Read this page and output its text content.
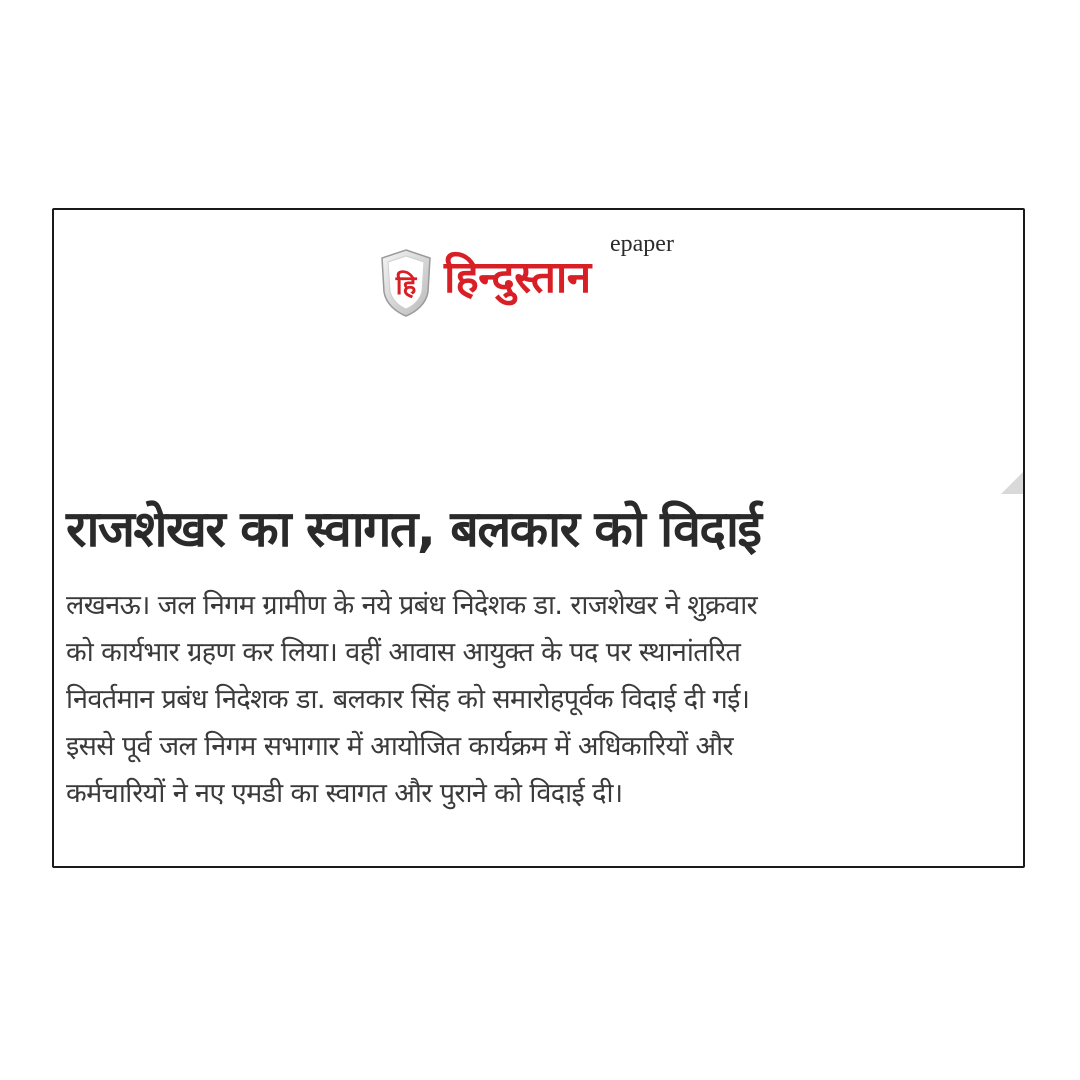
हि हिन्दुस्तान
epaper
राजशेखर का स्वागत, बलकार को विदाई

लखनऊ। जल निगम ग्रामीण के नये प्रबंध निदेशक डा. राजशेखर ने शुक्रवार
को कार्यभार ग्रहण कर लिया। वहीं आवास आयुक्त के पद पर स्थानांतरित
निवर्तमान प्रबंध निदेशक डा. बलकार सिंह को समारोहपूर्वक विदाई दी गई।
इससे पूर्व जल निगम सभागार में आयोजित कार्यक्रम में अधिकारियों और
कर्मचारियों ने नए एमडी का स्वागत और पुराने को विदाई दी।
